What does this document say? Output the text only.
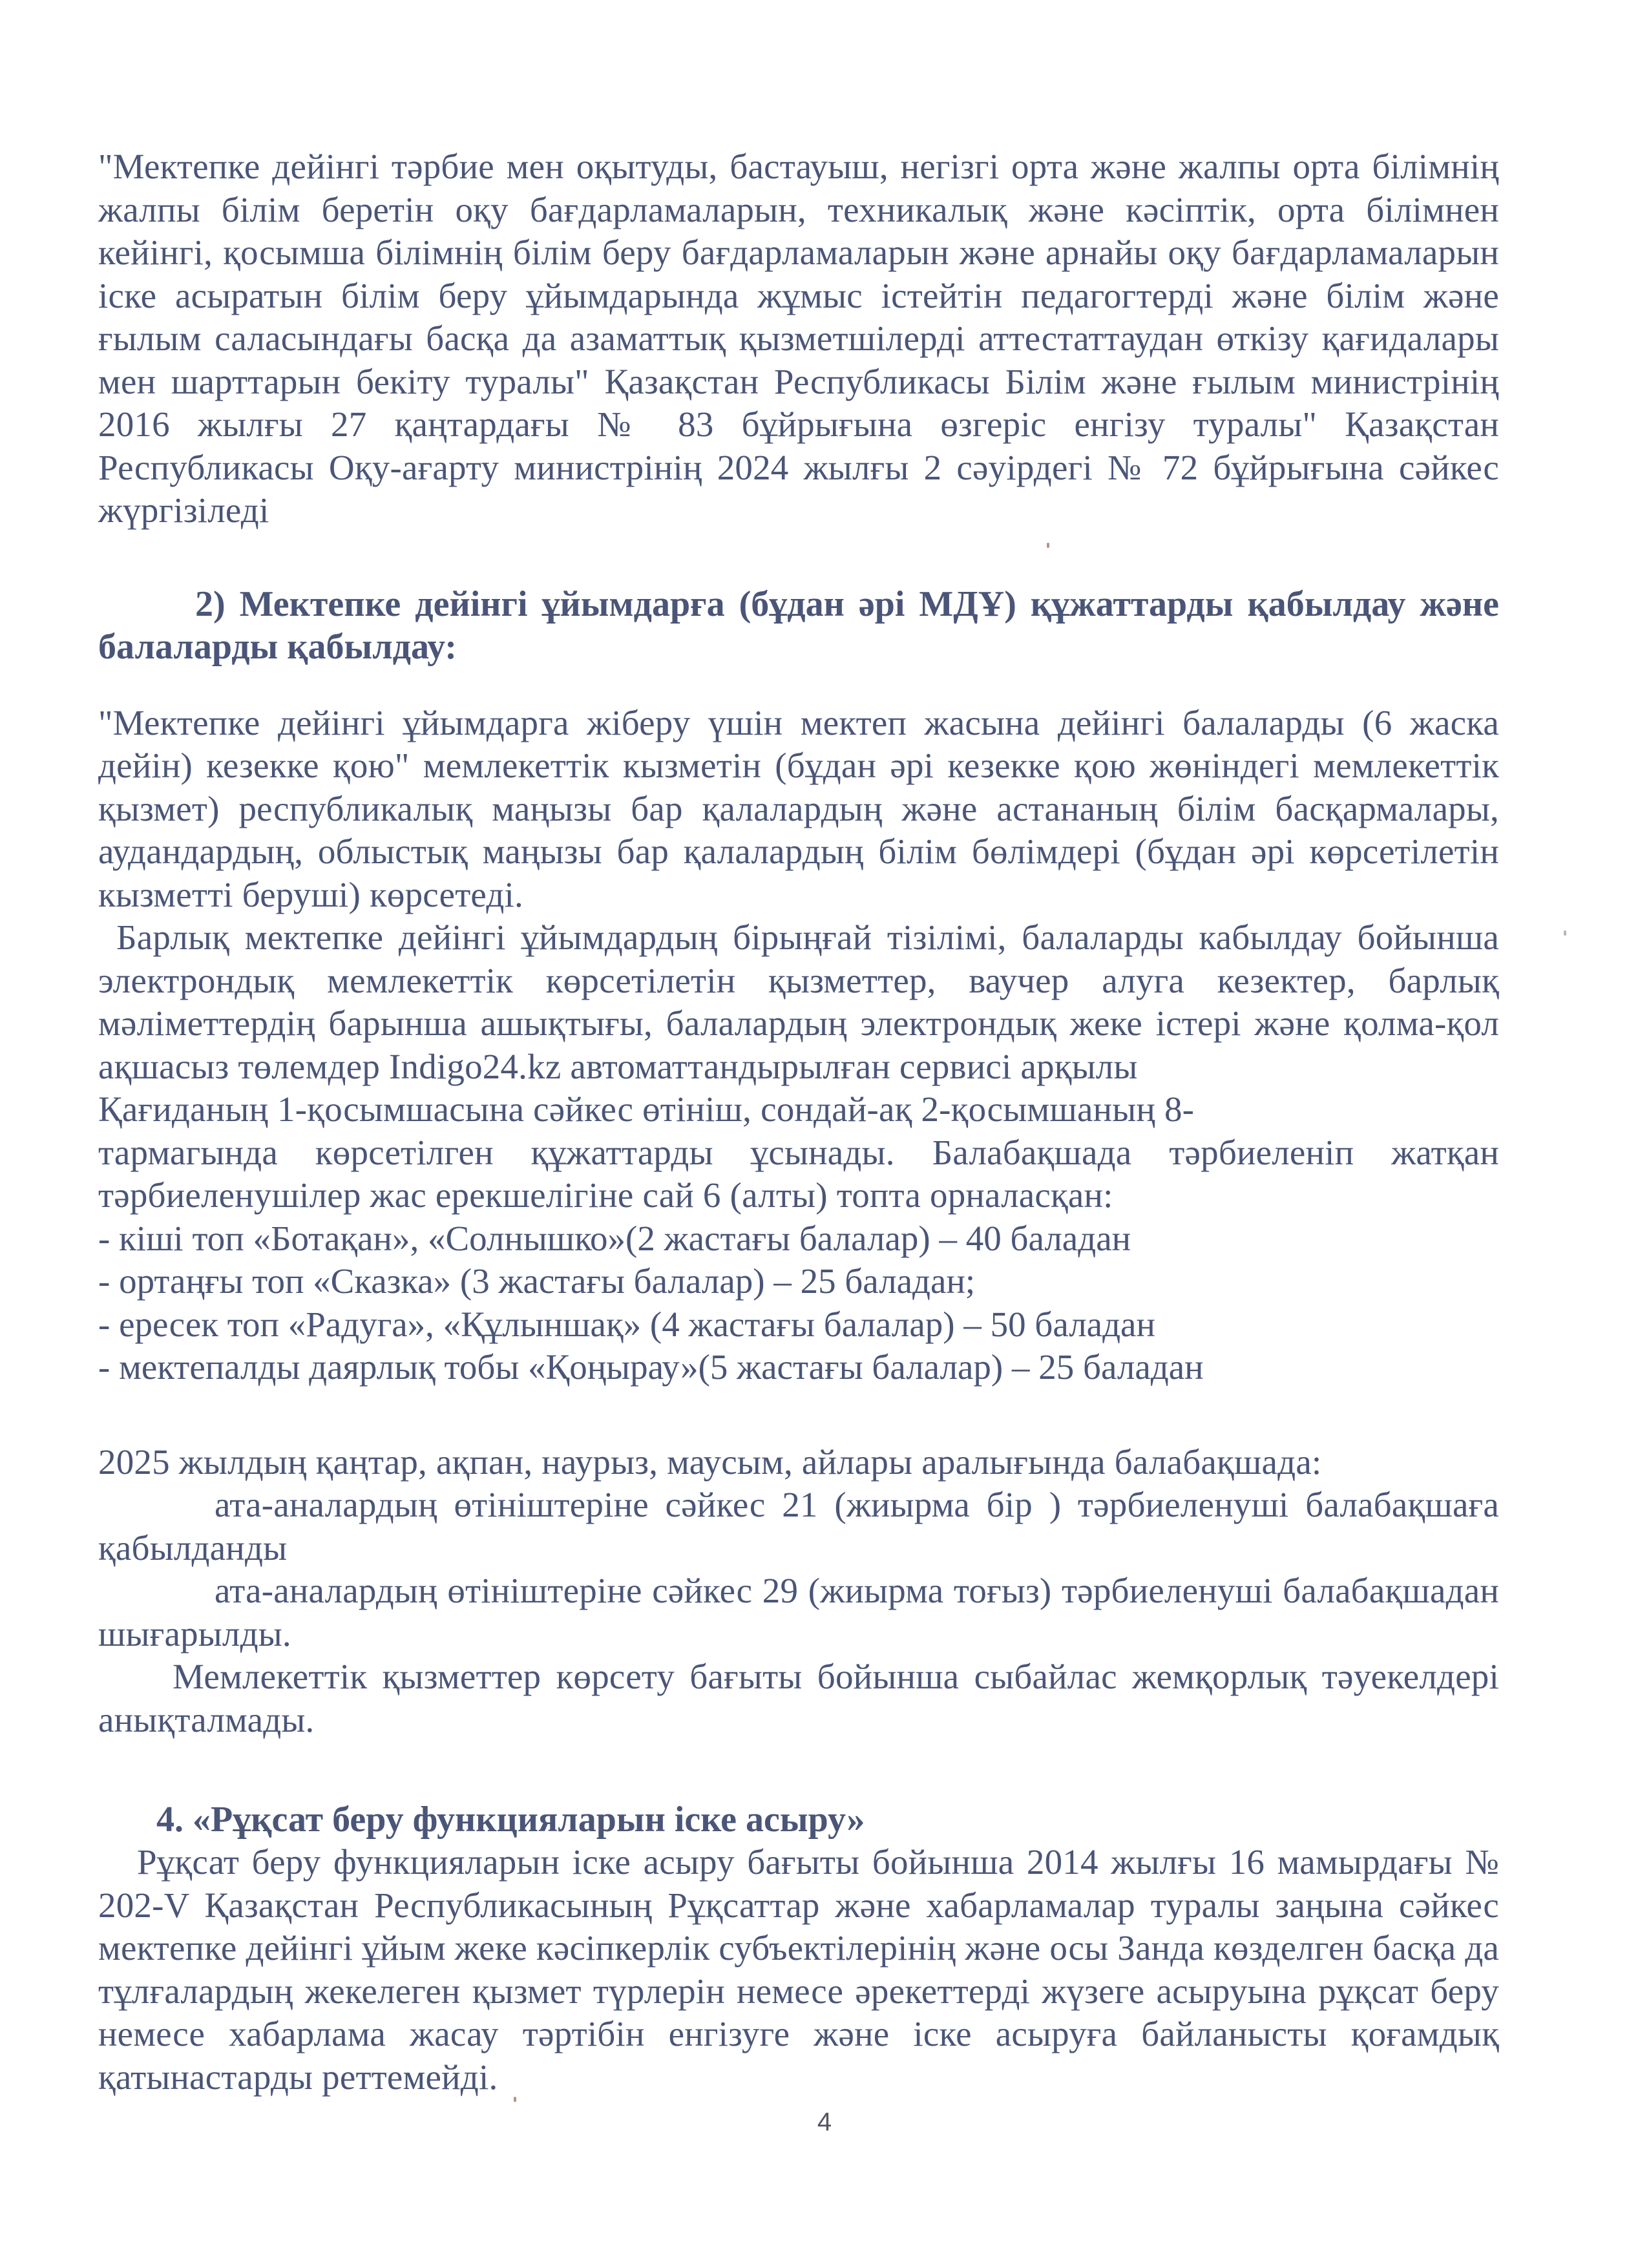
"Мектепке дейінгі тәрбие мен оқытуды, бастауыш, негізгі орта және жалпы орта білімнің жалпы білім беретін оқу бағдарламаларын, техникалық және кәсіптік, орта білімнен кейінгі, қосымша білімнің білім беру бағдарламаларын және арнайы оқу бағдарламаларын іске асыратын білім беру ұйымдарында жұмыс істейтін педагогтерді және білім және ғылым саласындағы басқа да азаматтық қызметшілерді аттестаттаудан өткізу қағидалары мен шарттарын бекіту туралы" Қазақстан Республикасы Білім және ғылым министрінің 2016 жылғы 27 қаңтардағы № 83 бұйрығына өзгеріс енгізу туралы" Қазақстан Республикасы Оқу-ағарту министрінің 2024 жылғы 2 сәуірдегі № 72 бұйрығына сәйкес жүргізіледі

2) Мектепке дейінгі ұйымдарға (бұдан әрі МДҰ) құжаттарды қабылдау және балаларды қабылдау:

"Мектепке дейінгі ұйымдарга жіберу үшін мектеп жасына дейінгі балаларды (6 жаска дейін) кезекке қою" мемлекеттік кызметін (бұдан әрі кезекке қою жөніндегі мемлекеттік қызмет) республикалық маңызы бар қалалардың және астананың білім басқармалары, аудандардың, облыстық маңызы бар қалалардың білім бөлімдері (бұдан әрі көрсетілетін кызметті беруші) көрсетеді.

Барлық мектепке дейінгі ұйымдардың бірыңғай тізілімі, балаларды кабылдау бойынша электрондық мемлекеттік көрсетілетін қызметтер, ваучер алуга кезектер, барлық мәліметтердің барынша ашықтығы, балалардың электрондық жеке істері және қолма-қол ақшасыз төлемдер Indigo24.kz автоматтандырылған сервисі арқылы

Қағиданың 1-қосымшасына сәйкес өтініш, сондай-ақ 2-қосымшаның 8-

тармагында көрсетілген құжаттарды ұсынады. Балабақшада тәрбиеленіп жатқан тәрбиеленушілер жас ерекшелігіне сай 6 (алты) топта орналасқан:

- кіші топ «Ботақан», «Солнышко»(2 жастағы балалар) – 40 баладан
- ортаңғы топ «Сказка» (3 жастағы балалар) – 25 баладан;
- ересек топ «Радуга», «Құлыншақ» (4 жастағы балалар) – 50 баладан
- мектепалды даярлық тобы «Қоңырау»(5 жастағы балалар) – 25 баладан

2025 жылдың қаңтар, ақпан, наурыз, маусым, айлары аралығында балабақшада:

ата-аналардың өтініштеріне сәйкес 21 (жиырма бір ) тәрбиеленуші балабақшаға қабылданды

ата-аналардың өтініштеріне сәйкес 29 (жиырма тоғыз) тәрбиеленуші балабақшадан шығарылды.

Мемлекеттік қызметтер көрсету бағыты бойынша сыбайлас жемқорлық тәуекелдері анықталмады.

4. «Рұқсат беру функцияларын іске асыру»

Рұқсат беру функцияларын іске асыру бағыты бойынша 2014 жылғы 16 мамырдағы № 202-V Қазақстан Республикасының Рұқсаттар және хабарламалар туралы заңына сәйкес мектепке дейінгі ұйым жеке кәсіпкерлік субъектілерінің және осы Занда көзделген басқа да тұлғалардың жекелеген қызмет түрлерін немесе әрекеттерді жүзеге асыруына рұқсат беру немесе хабарлама жасау тәртібін енгізуге және іске асыруға байланысты қоғамдық қатынастарды реттемейді.

4
